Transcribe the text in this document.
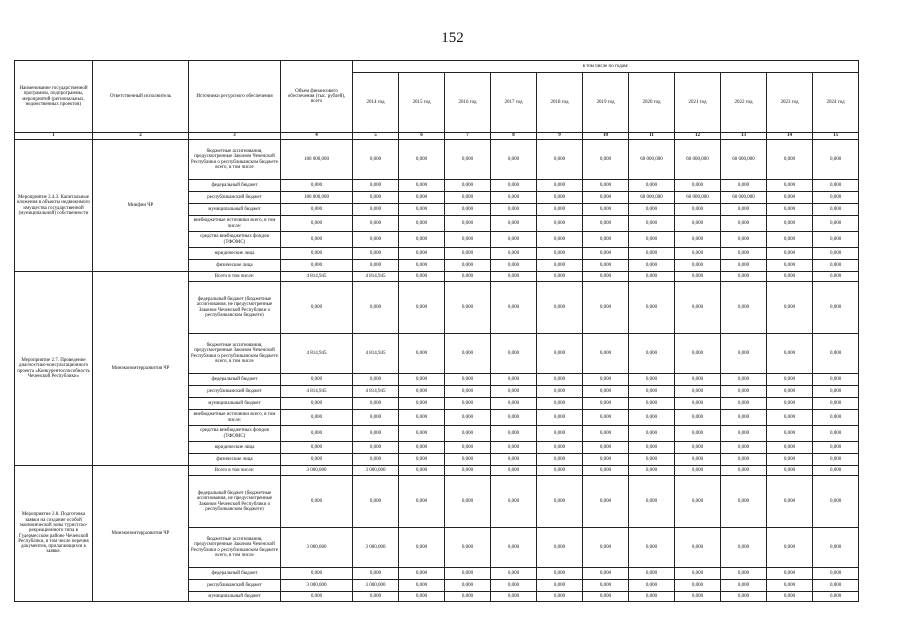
152
Наименование государственной программы, подпрограммы, мероприятий (региональных, ведомственных проектов)	Ответственный исполнитель	Источники ресурсного обеспечения	Объем финансового обеспечения (тыс. рублей), всего	в том числе по годам:										
				2014 год	2015 год	2016 год	2017 год	2018 год	2019 год	2020 год	2021 год	2022 год	2023 год	2024 год
1	2	3	4	5	6	7	8	9	10	11	12	13	14	15
Мероприятие 2.4.3. Капитальные вложения в объекты недвижимого имущества государственной (муниципальной) собственности	Минфин ЧР	бюджетные ассигнования, предусмотренные Законом Чеченской Республики о республиканском бюджете всего, в том числе	180 000,000	0,000	0,000	0,000	0,000	0,000	0,000	60 000,000	60 000,000	60 000,000	0,000	0,000
		федеральный бюджет	0,000	0,000	0,000	0,000	0,000	0,000	0,000	0,000	0,000	0,000	0,000	0,000
		республиканский бюджет	180 000,000	0,000	0,000	0,000	0,000	0,000	0,000	60 000,000	60 000,000	60 000,000	0,000	0,000
		муниципальный бюджет	0,000	0,000	0,000	0,000	0,000	0,000	0,000	0,000	0,000	0,000	0,000	0,000
		внебюджетные источники всего, в том числе:	0,000	0,000	0,000	0,000	0,000	0,000	0,000	0,000	0,000	0,000	0,000	0,000
		средства внебюджетных фондов (ТФОМС)	0,000	0,000	0,000	0,000	0,000	0,000	0,000	0,000	0,000	0,000	0,000	0,000
		юридические лица	0,000	0,000	0,000	0,000	0,000	0,000	0,000	0,000	0,000	0,000	0,000	0,000
		физические лица	0,000	0,000	0,000	0,000	0,000	0,000	0,000	0,000	0,000	0,000	0,000	0,000
Мероприятие 2.7. Проведение диагностико-консультационного проекта «Конкурентоспособность Чеченской Республики»	Минэкономтерразвития ЧР	Всего в том числе:	4 814,945	4 814,945	0,000	0,000	0,000	0,000	0,000	0,000	0,000	0,000	0,000	0,000
		федеральный бюджет (бюджетные ассигнования, не предусмотренные Законом Чеченской Республики о республиканском бюджете)	0,000	0,000	0,000	0,000	0,000	0,000	0,000	0,000	0,000	0,000	0,000	0,000
		бюджетные ассигнования, предусмотренные Законом Чеченской Республики о республиканском бюджете всего, в том числе	4 814,945	4 814,945	0,000	0,000	0,000	0,000	0,000	0,000	0,000	0,000	0,000	0,000
		федеральный бюджет	0,000	0,000	0,000	0,000	0,000	0,000	0,000	0,000	0,000	0,000	0,000	0,000
		республиканский бюджет	4 814,945	4 814,945	0,000	0,000	0,000	0,000	0,000	0,000	0,000	0,000	0,000	0,000
		муниципальный бюджет	0,000	0,000	0,000	0,000	0,000	0,000	0,000	0,000	0,000	0,000	0,000	0,000
		внебюджетные источники всего, в том числе:	0,000	0,000	0,000	0,000	0,000	0,000	0,000	0,000	0,000	0,000	0,000	0,000
		средства внебюджетных фондов (ТФОМС)	0,000	0,000	0,000	0,000	0,000	0,000	0,000	0,000	0,000	0,000	0,000	0,000
		юридические лица	0,000	0,000	0,000	0,000	0,000	0,000	0,000	0,000	0,000	0,000	0,000	0,000
		физические лица	0,000	0,000	0,000	0,000	0,000	0,000	0,000	0,000	0,000	0,000	0,000	0,000
Мероприятие 2.8. Подготовка заявки на создание особой экономической зоны туристско-рекреационного типа в Гудермесском районе Чеченской Республики, в том числе перечня документов, прилагающихся к заявке.	Минэкономтерразвития ЧР	Всего в том числе:	3 000,000	3 000,000	0,000	0,000	0,000	0,000	0,000	0,000	0,000	0,000	0,000	0,000
		федеральный бюджет (бюджетные ассигнования, не предусмотренные Законом Чеченской Республики о республиканском бюджете)	0,000	0,000	0,000	0,000	0,000	0,000	0,000	0,000	0,000	0,000	0,000	0,000
		бюджетные ассигнования, предусмотренные Законом Чеченской Республики о республиканском бюджете всего, в том числе	3 000,000	3 000,000	0,000	0,000	0,000	0,000	0,000	0,000	0,000	0,000	0,000	0,000
		федеральный бюджет	0,000	0,000	0,000	0,000	0,000	0,000	0,000	0,000	0,000	0,000	0,000	0,000
		республиканский бюджет	3 000,000	3 000,000	0,000	0,000	0,000	0,000	0,000	0,000	0,000	0,000	0,000	0,000
		муниципальный бюджет	0,000	0,000	0,000	0,000	0,000	0,000	0,000	0,000	0,000	0,000	0,000	0,000
